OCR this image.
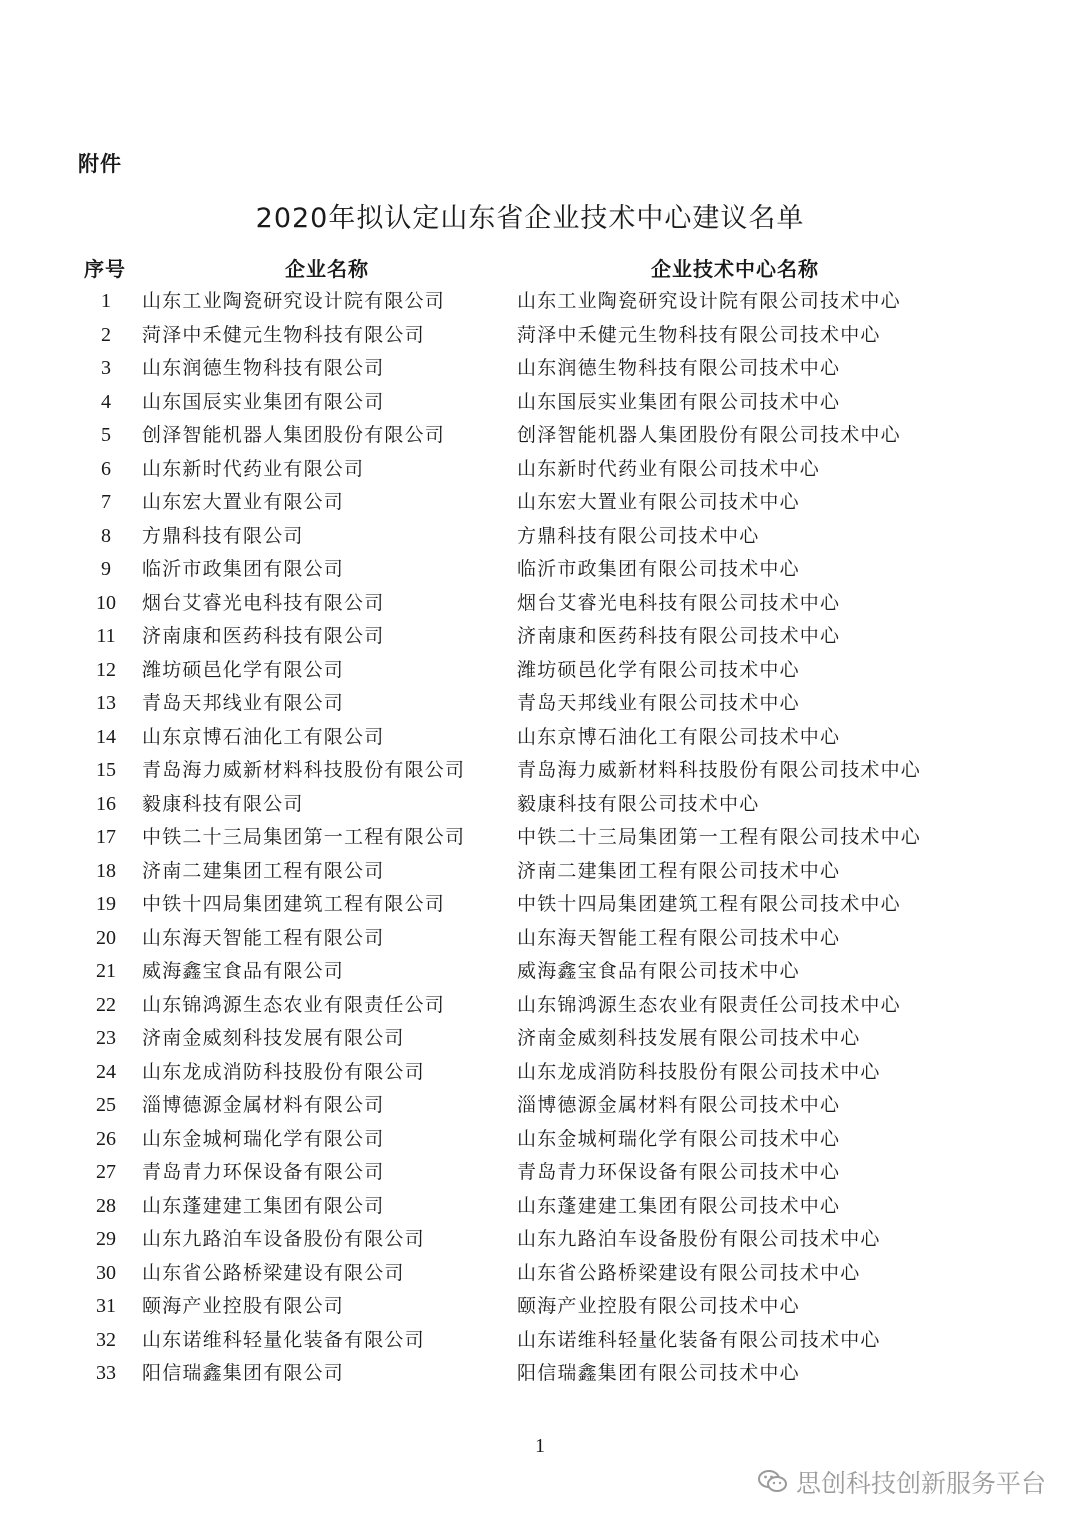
附件
2020年拟认定山东省企业技术中心建议名单
序号	企业名称	企业技术中心名称
1	山东工业陶瓷研究设计院有限公司	山东工业陶瓷研究设计院有限公司技术中心
2	菏泽中禾健元生物科技有限公司	菏泽中禾健元生物科技有限公司技术中心
3	山东润德生物科技有限公司	山东润德生物科技有限公司技术中心
4	山东国辰实业集团有限公司	山东国辰实业集团有限公司技术中心
5	创泽智能机器人集团股份有限公司	创泽智能机器人集团股份有限公司技术中心
6	山东新时代药业有限公司	山东新时代药业有限公司技术中心
7	山东宏大置业有限公司	山东宏大置业有限公司技术中心
8	方鼎科技有限公司	方鼎科技有限公司技术中心
9	临沂市政集团有限公司	临沂市政集团有限公司技术中心
10	烟台艾睿光电科技有限公司	烟台艾睿光电科技有限公司技术中心
11	济南康和医药科技有限公司	济南康和医药科技有限公司技术中心
12	潍坊硕邑化学有限公司	潍坊硕邑化学有限公司技术中心
13	青岛天邦线业有限公司	青岛天邦线业有限公司技术中心
14	山东京博石油化工有限公司	山东京博石油化工有限公司技术中心
15	青岛海力威新材料科技股份有限公司	青岛海力威新材料科技股份有限公司技术中心
16	毅康科技有限公司	毅康科技有限公司技术中心
17	中铁二十三局集团第一工程有限公司	中铁二十三局集团第一工程有限公司技术中心
18	济南二建集团工程有限公司	济南二建集团工程有限公司技术中心
19	中铁十四局集团建筑工程有限公司	中铁十四局集团建筑工程有限公司技术中心
20	山东海天智能工程有限公司	山东海天智能工程有限公司技术中心
21	威海鑫宝食品有限公司	威海鑫宝食品有限公司技术中心
22	山东锦鸿源生态农业有限责任公司	山东锦鸿源生态农业有限责任公司技术中心
23	济南金威刻科技发展有限公司	济南金威刻科技发展有限公司技术中心
24	山东龙成消防科技股份有限公司	山东龙成消防科技股份有限公司技术中心
25	淄博德源金属材料有限公司	淄博德源金属材料有限公司技术中心
26	山东金城柯瑞化学有限公司	山东金城柯瑞化学有限公司技术中心
27	青岛青力环保设备有限公司	青岛青力环保设备有限公司技术中心
28	山东蓬建建工集团有限公司	山东蓬建建工集团有限公司技术中心
29	山东九路泊车设备股份有限公司	山东九路泊车设备股份有限公司技术中心
30	山东省公路桥梁建设有限公司	山东省公路桥梁建设有限公司技术中心
31	颐海产业控股有限公司	颐海产业控股有限公司技术中心
32	山东诺维科轻量化装备有限公司	山东诺维科轻量化装备有限公司技术中心
33	阳信瑞鑫集团有限公司	阳信瑞鑫集团有限公司技术中心
1
思创科技创新服务平台
